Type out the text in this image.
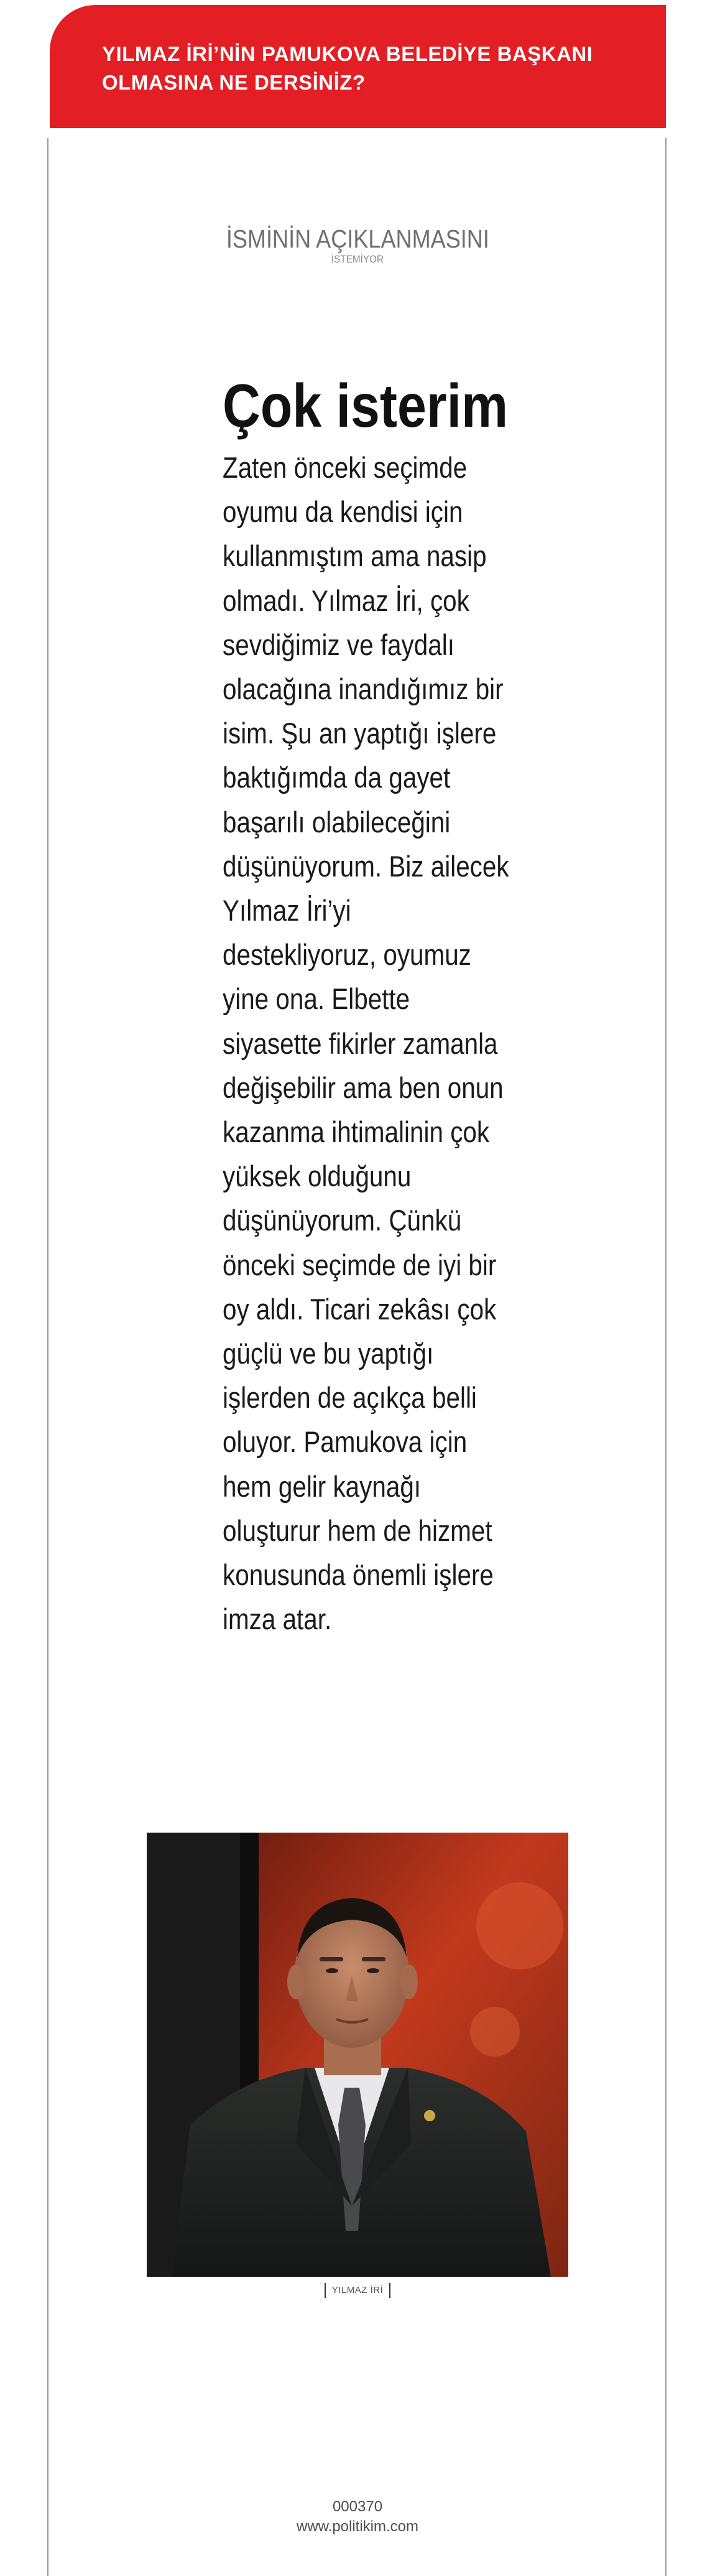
YILMAZ İRİ’NİN PAMUKOVA BELEDİYE BAŞKANI OLMASINA NE DERSİNİZ?

İSMİNİN AÇIKLANMASINI
İSTEMİYOR
Çok isterim
Zaten önceki seçimde oyumu da kendisi için kullanmıştım ama nasip olmadı. Yılmaz İri, çok sevdiğimiz ve faydalı olacağına inandığımız bir isim. Şu an yaptığı işlere baktığımda da gayet başarılı olabileceğini düşünüyorum. Biz ailecek Yılmaz İri’yi destekliyoruz, oyumuz yine ona. Elbette siyasette fikirler zamanla değişebilir ama ben onun kazanma ihtimalinin çok yüksek olduğunu düşünüyorum. Çünkü önceki seçimde de iyi bir oy aldı. Ticari zekâsı çok güçlü ve bu yaptığı işlerden de açıkça belli oluyor. Pamukova için hem gelir kaynağı oluşturur hem de hizmet konusunda önemli işlere imza atar.
YILMAZ İRİ
000370
www.politikim.com
